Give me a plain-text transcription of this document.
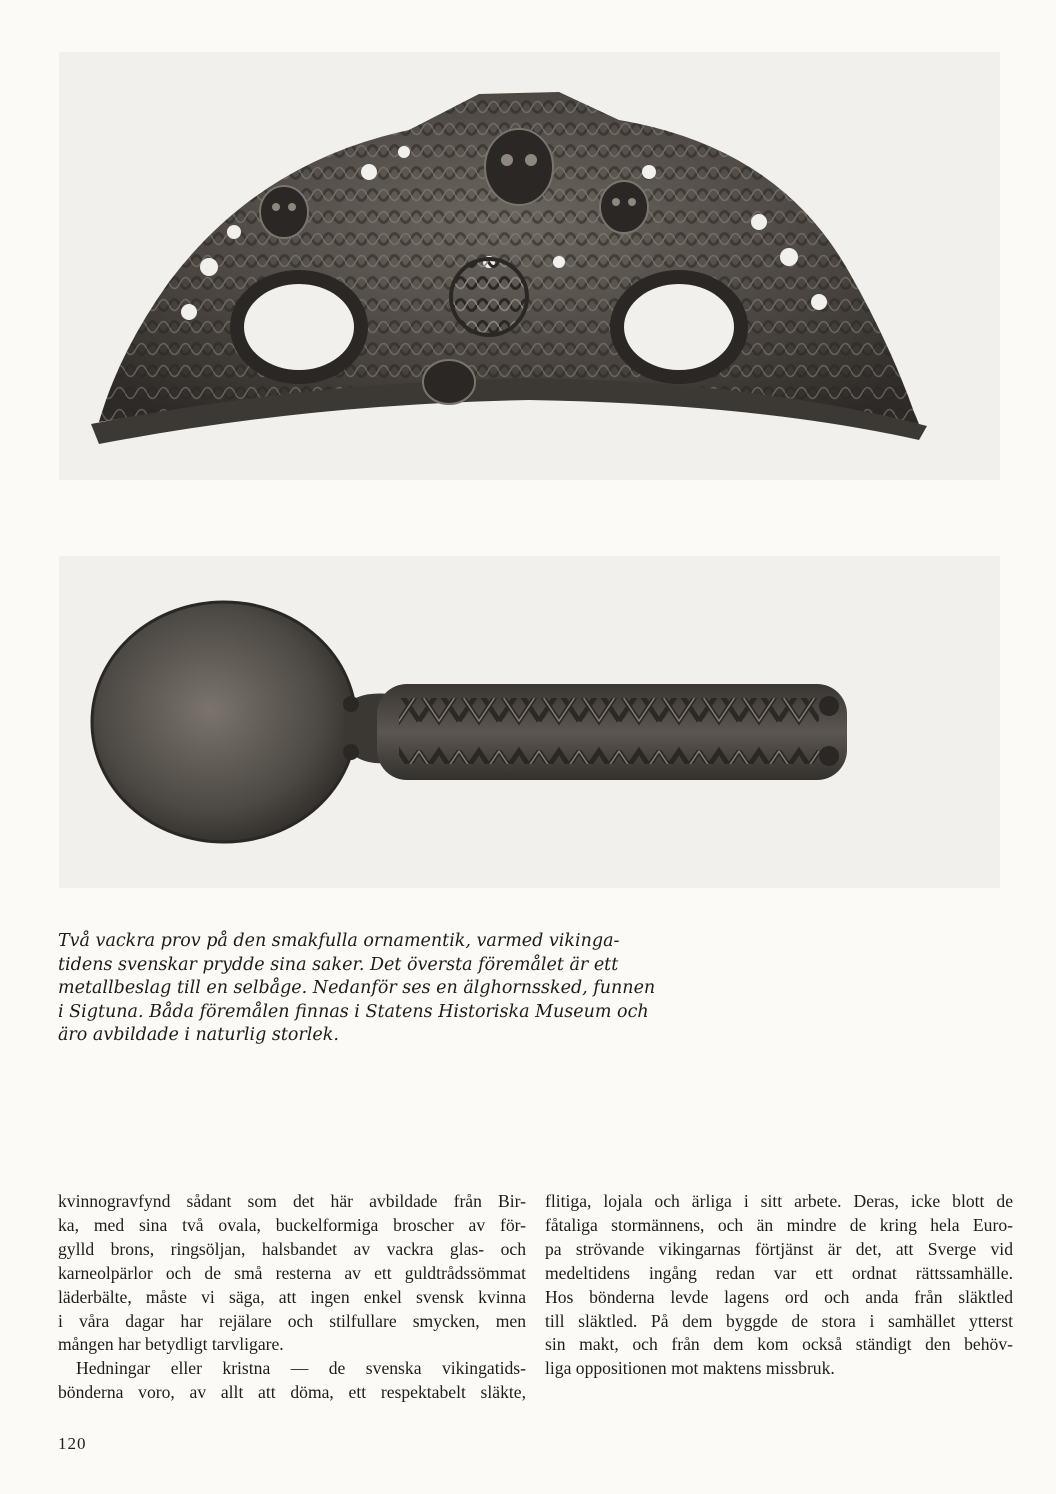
Två vackra prov på den smakfulla ornamentik, varmed vikinga-
tidens svenskar prydde sina saker. Det översta föremålet är ett
metallbeslag till en selbåge. Nedanför ses en älghornssked, funnen
i Sigtuna. Båda föremålen finnas i Statens Historiska Museum och
äro avbildade i naturlig storlek.
kvinnogravfynd sådant som det här avbildade från Bir-
ka, med sina två ovala, buckelformiga broscher av för-
gylld brons, ringsöljan, halsbandet av vackra glas- och
karneolpärlor och de små resterna av ett guldtrådssömmat
läderbälte, måste vi säga, att ingen enkel svensk kvinna
i våra dagar har rejälare och stilfullare smycken, men
mången har betydligt tarvligare.
Hedningar eller kristna — de svenska vikingatids-
bönderna voro, av allt att döma, ett respektabelt släkte,
flitiga, lojala och ärliga i sitt arbete. Deras, icke blott de
fåtaliga stormännens, och än mindre de kring hela Euro-
pa strövande vikingarnas förtjänst är det, att Sverge vid
medeltidens ingång redan var ett ordnat rättssamhälle.
Hos bönderna levde lagens ord och anda från släktled
till släktled. På dem byggde de stora i samhället ytterst
sin makt, och från dem kom också ständigt den behöv-
liga oppositionen mot maktens missbruk.
120
